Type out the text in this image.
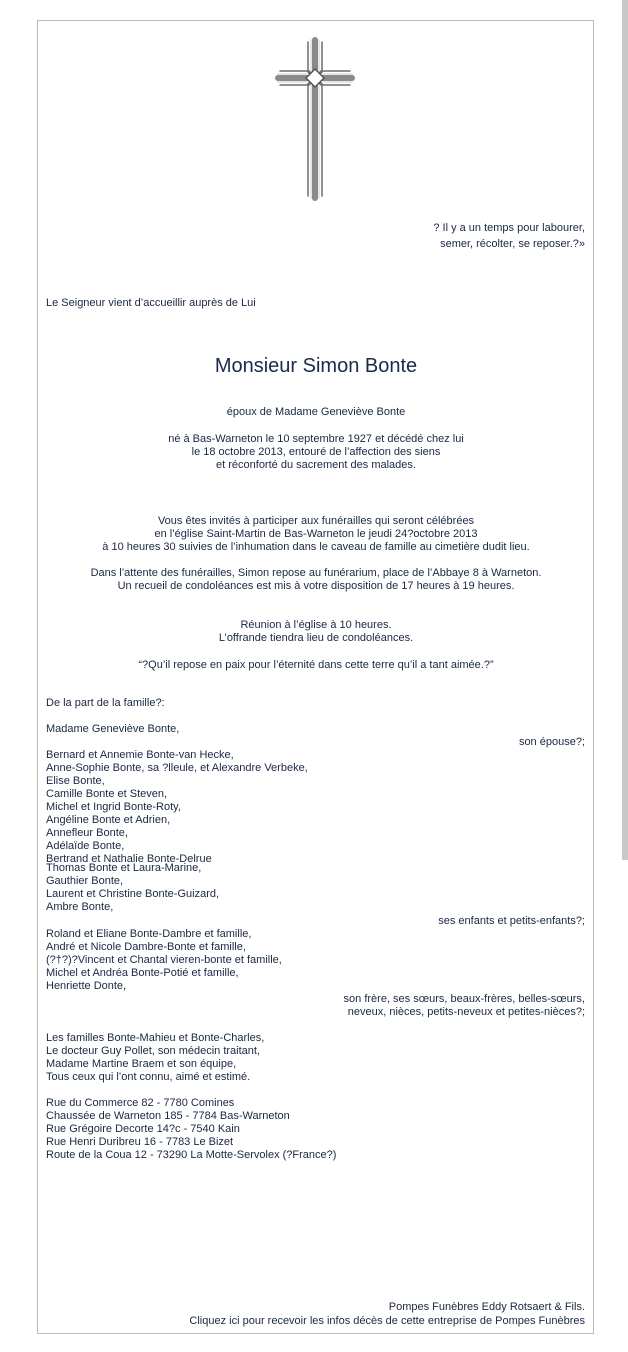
? Il y a un temps pour labourer,
semer, récolter, se reposer.?»
Le Seigneur vient d’accueillir auprès de Lui
Monsieur Simon Bonte
époux de Madame Geneviève Bonte
né à Bas-Warneton le 10 septembre 1927 et décédé chez lui
le 18 octobre 2013, entouré de l’affection des siens
et réconforté du sacrement des malades.
Vous êtes invités à participer aux funérailles qui seront célébrées
en l’église Saint-Martin de Bas-Warneton le jeudi 24?octobre 2013
à 10 heures 30 suivies de l’inhumation dans le caveau de famille au cimetière dudit lieu.
Dans l’attente des funérailles, Simon repose au funérarium, place de l’Abbaye 8 à Warneton.
Un recueil de condoléances est mis à votre disposition de 17 heures à 19 heures.
Réunion à l’église à 10 heures.
L’offrande tiendra lieu de condoléances.
“?Qu’il repose en paix pour l’éternité dans cette terre qu’il a tant aimée.?”
De la part de la famille?:
Madame Geneviève Bonte,
son épouse?;
Bernard et Annemie Bonte-van Hecke,
Anne-Sophie Bonte, sa ?lleule, et Alexandre Verbeke,
Elise Bonte,
Camille Bonte et Steven,
Michel et Ingrid Bonte-Roty,
Angéline Bonte et Adrien,
Annefleur Bonte,
Adélaïde Bonte,
Bertrand et Nathalie Bonte-Delrue
Thomas Bonte et Laura-Marine,
Gauthier Bonte,
Laurent et Christine Bonte-Guizard,
Ambre Bonte,
ses enfants et petits-enfants?;
Roland et Eliane Bonte-Dambre et famille,
André et Nicole Dambre-Bonte et famille,
(?†?)?Vincent et Chantal vieren-bonte et famille,
Michel et Andréa Bonte-Potié et famille,
Henriette Donte,
son frère, ses sœurs, beaux-frères, belles-sœurs,
neveux, nièces, petits-neveux et petites-nièces?;
Les familles Bonte-Mahieu et Bonte-Charles,
Le docteur Guy Pollet, son médecin traitant,
Madame Martine Braem et son équipe,
Tous ceux qui l’ont connu, aimé et estimé.
Rue du Commerce 82 - 7780 Comines
Chaussée de Warneton 185 - 7784 Bas-Warneton
Rue Grégoire Decorte 14?c - 7540 Kain
Rue Henri Duribreu 16 - 7783 Le Bizet
Route de la Coua 12 - 73290 La Motte-Servolex (?France?)
Pompes Funèbres Eddy Rotsaert & Fils.
Cliquez ici pour recevoir les infos décès de cette entreprise de Pompes Funèbres
